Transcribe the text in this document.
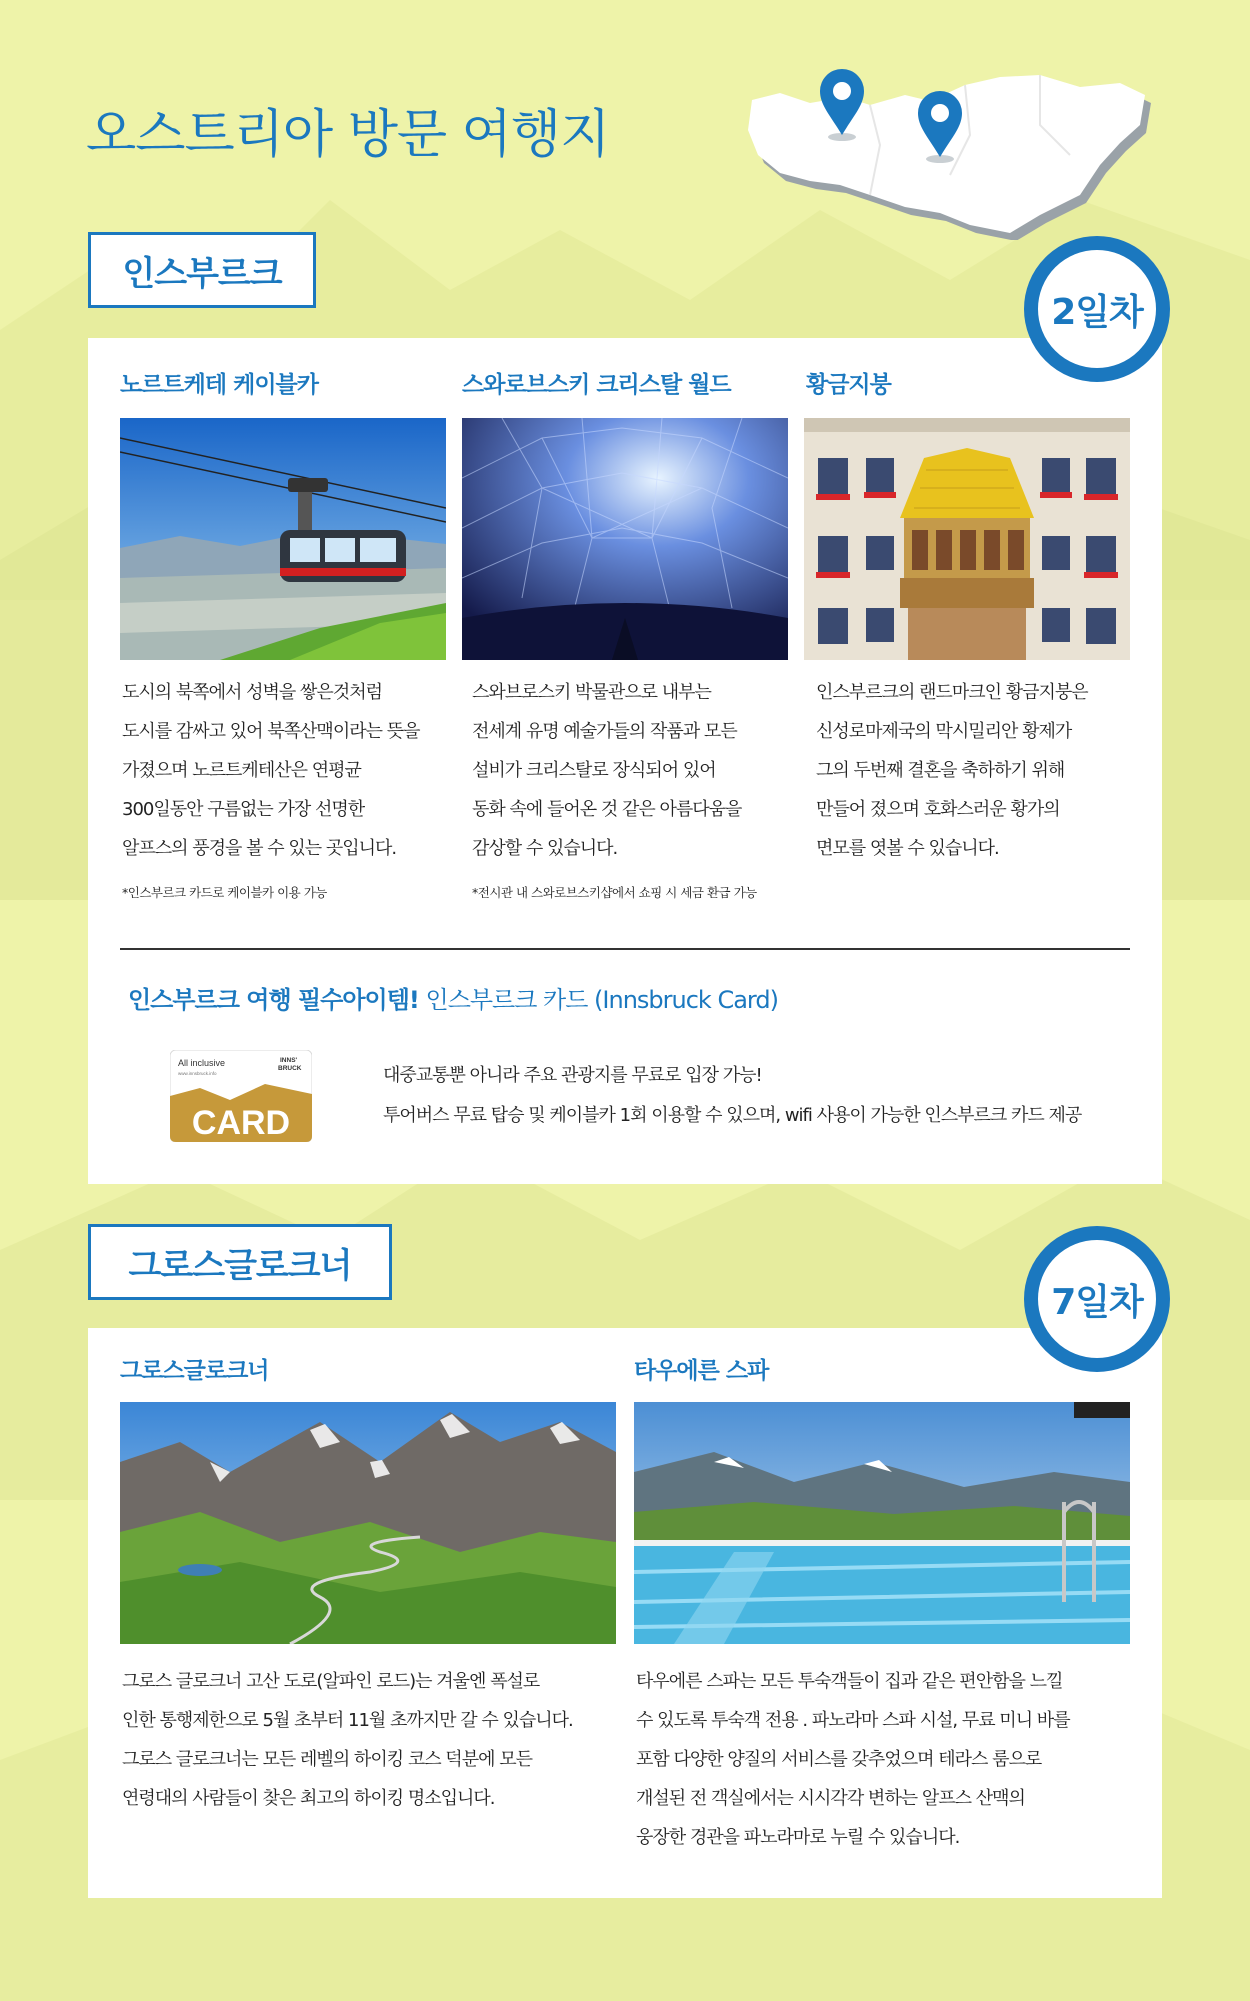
오스트리아 방문 여행지
인스부르크
노르트케테 케이블카
도시의 북쪽에서 성벽을 쌓은것처럼
도시를 감싸고 있어 북쪽산맥이라는 뜻을
가졌으며 노르트케테산은 연평균
300일동안 구름없는 가장 선명한
알프스의 풍경을 볼 수 있는 곳입니다.
*인스부르크 카드로 케이블카 이용 가능
스와로브스키 크리스탈 월드
스와브로스키 박물관으로 내부는
전세계 유명 예술가들의 작품과 모든
설비가 크리스탈로 장식되어 있어
동화 속에 들어온 것 같은 아름다움을
감상할 수 있습니다.
*전시관 내 스와로브스키샵에서 쇼핑 시 세금 환급 가능
황금지붕
인스부르크의 랜드마크인 황금지붕은
신성로마제국의 막시밀리안 황제가
그의 두번째 결혼을 축하하기 위해
만들어 졌으며 호화스러운 황가의
면모를 엿볼 수 있습니다.
인스부르크 여행 필수아이템! 인스부르크 카드 (Innsbruck Card)
All inclusive
www.innsbruck.info
INNS'
BRUCK
CARD
대중교통뿐 아니라 주요 관광지를 무료로 입장 가능!
투어버스 무료 탑승 및 케이블카 1회 이용할 수 있으며, wifi 사용이 가능한 인스부르크 카드 제공
2일차
그로스글로크너
그로스글로크너
그로스 글로크너 고산 도로(알파인 로드)는 겨울엔 폭설로
인한 통행제한으로 5월 초부터 11월 초까지만 갈 수 있습니다.
그로스 글로크너는 모든 레벨의 하이킹 코스 덕분에 모든
연령대의 사람들이 찾은 최고의 하이킹 명소입니다.
타우에른 스파
타우에른 스파는 모든 투숙객들이 집과 같은 편안함을 느낄
수 있도록 투숙객 전용 . 파노라마 스파 시설, 무료 미니 바를
포함 다양한 양질의 서비스를 갖추었으며 테라스 룸으로
개설된 전 객실에서는 시시각각 변하는 알프스 산맥의
웅장한 경관을 파노라마로 누릴 수 있습니다.
7일차
